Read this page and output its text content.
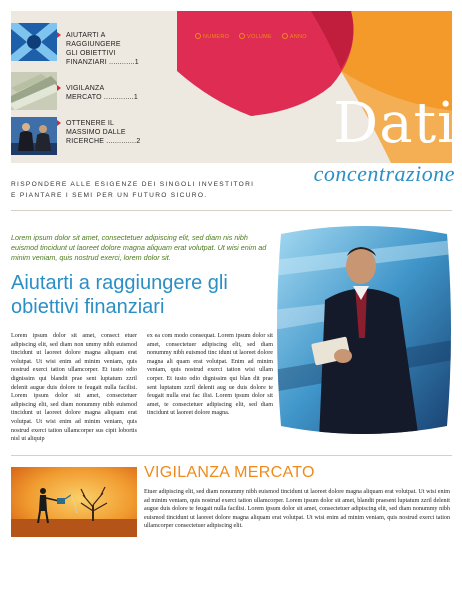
AIUTARTI A
RAGGIUNGERE
GLI OBIETTIVI
FINANZIARI ............1
VIGILANZA
MERCATO ..............1
OTTENERE IL
MASSIMO DALLE
RICERCHE ..............2
NUMERO | VOLUME | ANNO
Dati
concentrazione
RISPONDERE ALLE ESIGENZE DEI SINGOLI INVESTITORI E PIANTARE I SEMI PER UN FUTURO SICURO.
Lorem ipsum dolor sit amet, consectetuer adipiscing elit, sed diam nis nibh euismod tincidunt ut laoreet dolore magna aliquam erat volutpat. Ut wisi enim ad minim veniam, quis nostrud exerci, lorem dolor sit.
Aiutarti a raggiungere gli obiettivi finanziari
Lorem ipsum dolor sit amet, consect etuer adipiscing elit, sed diam non ummy nibh euismod tincidunt ut laoreet dolore magna aliquam erat volutpat. Ut wisi enim ad minim veniam, quis nostrud exerci tation ullamcorper. Et iusto odio dignissim qui blandit prae sent luptatum zzril delenit augue duis dolore te feugait nulla facilisi. Lorem ipsum dolor sit amet, consectetuer adipiscing elit, sed diam nonummy nibh euismod tincidunt ut laoreet dolore magna aliquam erat volutpat. Ut wisi enim ad minim veniam, quis nostrud exerci tation ullamcorper sus cipit lobortis nisl ut aliquip
ex ea com modo consequat. Lorem ipsum dolor sit amet, consectetuer adipiscing elit, sed diam nonummy nibh euismod tinc idunt ut laoreet dolore magna ali quam erat volutpat. Enim ad minim veniam, quis nostrud exerci tation wisi ullam corper. Et iusto odio dignissim qui blan dit prae sent luptatum zzril delenit aug ue duis dolore te feugait nulla erat fac ilisi. Lorem ipsum dolor sit amet, te consectetuer adipiscing elit, sed diam tincidunt ut laoreet dolore magna.
VIGILANZA MERCATO
Etuer adipiscing elit, sed diam nonummy nibh euismod tincidunt ut laoreet dolore magna aliquam erat volutpat. Ut wisi enim ad minim veniam, quis nostrud exerci tation ullamcorper. Lorem ipsum dolor sit amet, blandit praesent luptatum zzril delenit augue duis dolore te feugait nulla facilisi. Lorem ipsum dolor sit amet, consectetuer adipiscing elit, sed diam nonummy nibh euismod tincidunt ut laoreet dolore magna aliquam erat volutpat. Ut wisi enim ad minim veniam, quis nostrud exerci tation ullamcorper consectetuer adipiscing elit.
